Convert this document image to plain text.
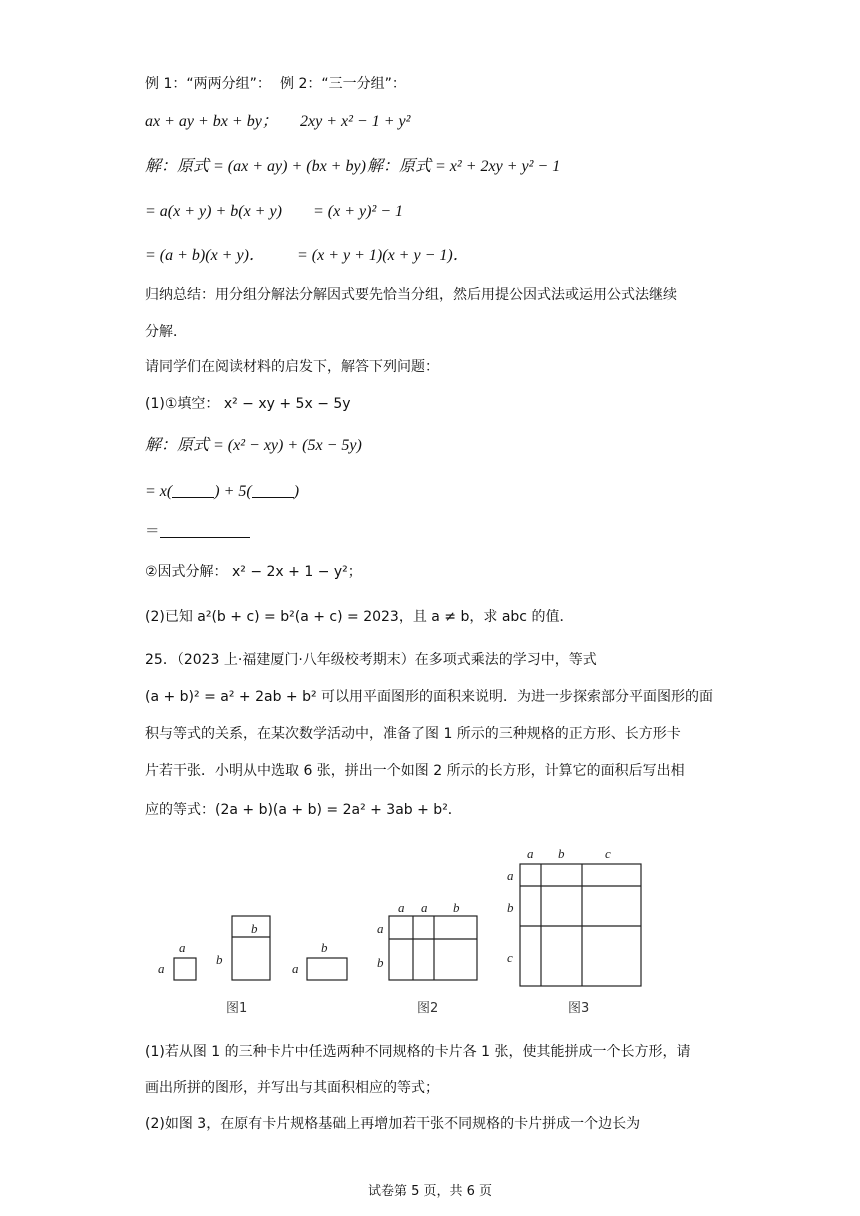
例 1：“两两分组”： 例 2：“三一分组”：
ax + ay + bx + by； 2xy + x² − 1 + y²
解：原式 = (ax + ay) + (bx + by) 解：原式 = x² + 2xy + y² − 1
= a(x + y) + b(x + y) = (x + y)² − 1
= (a + b)(x + y)． = (x + y + 1)(x + y − 1)．
归纳总结：用分组分解法分解因式要先恰当分组，然后用提公因式法或运用公式法继续
分解．
请同学们在阅读材料的启发下，解答下列问题：
(1)①填空： x² − xy + 5x − 5y
解：原式 = (x² − xy) + (5x − 5y)
= x(	) + 5(	)
＝
②因式分解： x² − 2x + 1 − y²；
(2)已知 a²(b + c) = b²(a + c) = 2023，且 a ≠ b，求 abc 的值．
25．（2023 上·福建厦门·八年级校考期末）在多项式乘法的学习中，等式
(a + b)² = a² + 2ab + b² 可以用平面图形的面积来说明．为进一步探索部分平面图形的面
积与等式的关系，在某次数学活动中，准备了图 1 所示的三种规格的正方形、长方形卡
片若干张．小明从中选取 6 张，拼出一个如图 2 所示的长方形，计算它的面积后写出相
应的等式：(2a + b)(a + b) = 2a² + 3ab + b²．
a
a
b
b
b
a
a a b
a
b
a b	c
a
b
c
图1	图2	图3
(1)若从图 1 的三种卡片中任选两种不同规格的卡片各 1 张，使其能拼成一个长方形，请
画出所拼的图形，并写出与其面积相应的等式；
(2)如图 3，在原有卡片规格基础上再增加若干张不同规格的卡片拼成一个边长为
试卷第 5 页，共 6 页
